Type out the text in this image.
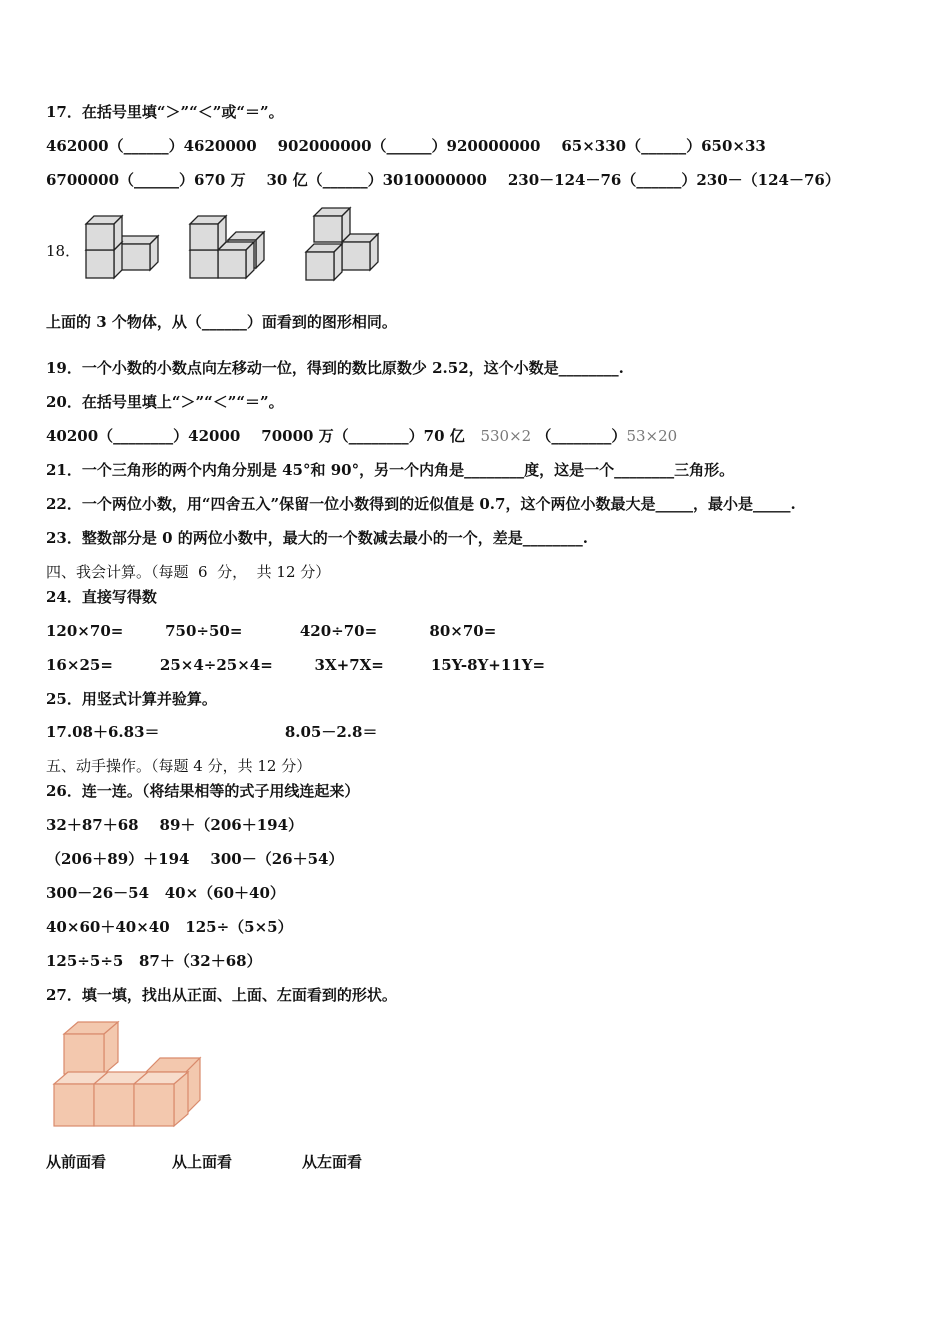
17．在括号里填“＞”“＜”或“＝”。
462000（______）4620000    902000000（______）920000000    65×330（______）650×33
6700000（______）670 万    30 亿（______）3010000000    230－124－76（______）230－（124－76）
18．
上面的 3 个物体，从（______）面看到的图形相同。
19．一个小数的小数点向左移动一位，得到的数比原数少 2.52，这个小数是________.
20．在括号里填上“＞”“＜”“＝”。
40200（________）42000    70000 万（________）70 亿 530×2 （________）53×20
21．一个三角形的两个内角分别是 45°和 90°，另一个内角是________度，这是一个________三角形。
22．一个两位小数，用“四舍五入”保留一位小数得到的近似值是 0.7，这个两位小数最大是_____，最小是_____.
23．整数部分是 0 的两位小数中，最大的一个数减去最小的一个，差是________.
四、我会计算。（每题  6  分，  共 12 分）
24．直接写得数
120×70=        750÷50=           420÷70=          80×70=
16×25=         25×4÷25×4=        3X+7X=         15Y-8Y+11Y=
25．用竖式计算并验算。
17.08＋6.83＝                        8.05－2.8＝
五、动手操作。（每题 4 分，共 12 分）
26．连一连。（将结果相等的式子用线连起来）
32＋87＋68    89＋（206＋194）
（206＋89）＋194    300－（26＋54）
300－26－54   40×（60＋40）
40×60＋40×40   125÷（5×5）
125÷5÷5   87＋（32＋68）
27．填一填，找出从正面、上面、左面看到的形状。
从前面看	从上面看	从左面看
